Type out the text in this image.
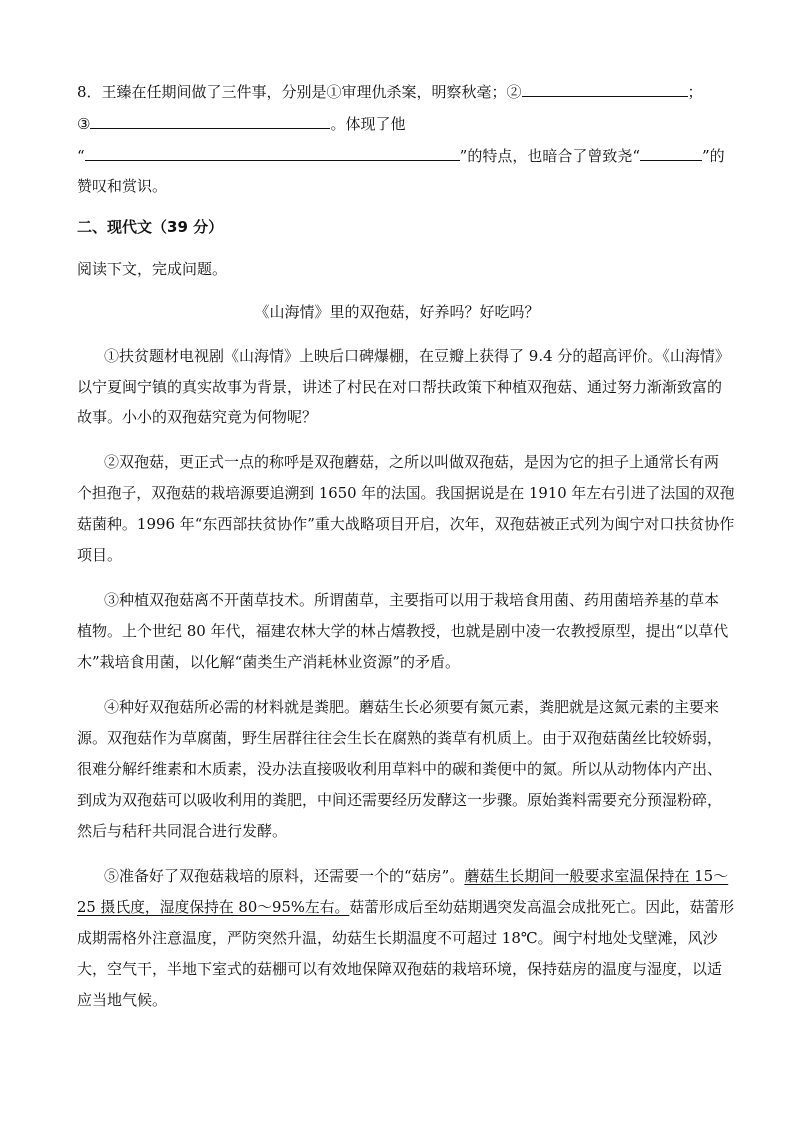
8．王臻在任期间做了三件事，分别是①审理仇杀案，明察秋毫；②	；
③	。体现了他
“	”的特点，也暗合了曾致尧“	”的
赞叹和赏识。
二、现代文（39 分）
阅读下文，完成问题。
《山海情》里的双孢菇，好养吗？好吃吗？
①扶贫题材电视剧《山海情》上映后口碑爆棚，在豆瓣上获得了 9.4 分的超高评价。《山海情》
以宁夏闽宁镇的真实故事为背景，讲述了村民在对口帮扶政策下种植双孢菇、通过努力渐渐致富的
故事。小小的双孢菇究竟为何物呢？
②双孢菇，更正式一点的称呼是双孢蘑菇，之所以叫做双孢菇，是因为它的担子上通常长有两
个担孢子，双孢菇的栽培源要追溯到 1650 年的法国。我国据说是在 1910 年左右引进了法国的双孢
菇菌种。1996 年“东西部扶贫协作”重大战略项目开启，次年，双孢菇被正式列为闽宁对口扶贫协作
项目。
③种植双孢菇离不开菌草技术。所谓菌草，主要指可以用于栽培食用菌、药用菌培养基的草本
植物。上个世纪 80 年代，福建农林大学的林占熺教授，也就是剧中凌一农教授原型，提出“以草代
木”栽培食用菌，以化解“菌类生产消耗林业资源”的矛盾。
④种好双孢菇所必需的材料就是粪肥。蘑菇生长必须要有氮元素，粪肥就是这氮元素的主要来
源。双孢菇作为草腐菌，野生居群往往会生长在腐熟的粪草有机质上。由于双孢菇菌丝比较娇弱，
很难分解纤维素和木质素，没办法直接吸收利用草料中的碳和粪便中的氮。所以从动物体内产出、
到成为双孢菇可以吸收利用的粪肥，中间还需要经历发酵这一步骤。原始粪料需要充分预湿粉碎，
然后与秸秆共同混合进行发酵。
⑤准备好了双孢菇栽培的原料，还需要一个的“菇房”。蘑菇生长期间一般要求室温保持在 15～
25 摄氏度，湿度保持在 80～95%左右。菇蕾形成后至幼菇期遇突发高温会成批死亡。因此，菇蕾形
成期需格外注意温度，严防突然升温，幼菇生长期温度不可超过 18℃。闽宁村地处戈壁滩，风沙
大，空气干，半地下室式的菇棚可以有效地保障双孢菇的栽培环境，保持菇房的温度与湿度，以适
应当地气候。
